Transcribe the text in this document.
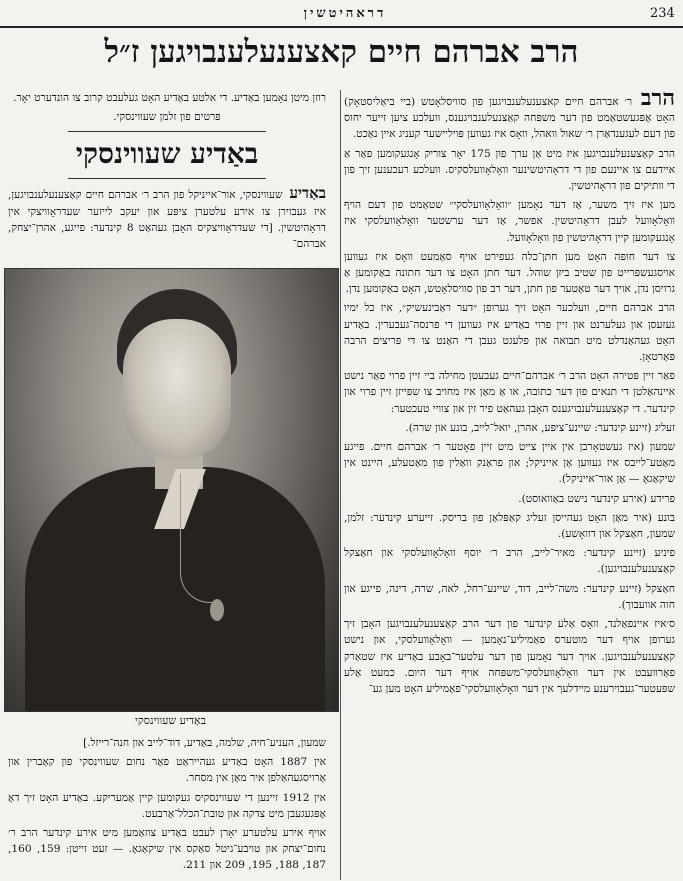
דראהיטשין	234
הרב אברהם חיים קאצענעלענבויגען ז״ל

הרב ר׳ אברהם חיים קאצענעלענבויגען פון סוויסלאָטש (ביי ביאַליסטאָק) האָט אָפּגעשטאַמט פון דער משפּחה קאַצנעלענבויגענס, וועלכע ציען זייער יחוס פון דעם לעגענדאַרן ר׳ שאול וואהל, וואָס איז געווען פּויליישער קעניג איין נאַכט.

הרב קאַצענעלענבויגען איז מיט אַן ערך פון 175 יאָר צוריק אָנגעקומען פאַר אַ איידעם צו איינעם פון די דראָהיטשינער וואָלאָוועלסקיס. וועלכע רעכענען זיך פון די וותיקים פון דראָהיטשין.

מען איז זיך משער, אַז דער נאָמען ״וואָלאָוועלסקי״ שטאַמט פון דעם הויף וואָלאָוועל לעבן דראָהיטשין. אפשר, אַז דער ערשטער וואָלאָוועלסקי איז אָנגעקומען קיין דראָהיטשין פון וואָלאָוועל.

צו דער חופּה האָט מען חתן־כלה געפירט אויף סאַמעט וואָס איז געווען אויסגעשפּרייט פון שטיב ביזן שוהל. דער חתן האָט צו דער חתונה באַקומען אַ גרויסן נדן, אויך דער טאַטער פון חתן, דער רב פון סוויסלאָטש, האָט באַקומען נדן.

הרב אברהם חיים, וועלכער האָט זיך גערופן ״דער ראַבינעשיק״, איז כל ימיו געזעסן און געלערנט און זיין פרוי באַדיע איז געווען די פרנסה־געבערין. באַדיע האָט געהאַנדלט מיט תבואה און פלעגט געבן די האַנט צו די פּריצים הרבה פּאַרטאָן.

פאַר זיין פּטירה האָט הרב ר׳ אברהם־חיים געבעטן מחילה ביי זיין פרוי פאַר נישט איינהאַלטן די תנאים פון דער כתובה, או אַ מאַן איז מחויב צו שפּייזן זיין פרוי און קינדער. די קאַצענעלענבויגענס האָבן געהאַט פיר זין און צוויי טעכטער:

זעליג (זיינע קינדער: שיינע־ציפּע, אהרן, יואל־לייב, בונע און שרה).

שמעון (איז געשטאָרבן אין איין צייט מיט זיין פאָטער ר׳ אברהם חיים. פייגע מאַטע־לייבס איז געווען אַן אייניקל; און פראַנק וואַלין פון מאַטעלע, היינט אין שיקאַגאָ — אַן אור־אייניקל).

פרידע (אירע קינדער נישט באַוואוסט).

בונע (איר מאַן האָט געהייסן זעליג קאַפּלאַן פון בריסק. זייערע קינדער: זלמן, שמעון, חאַצקל און דוואָשע).

פיניע (זיינע קינדער: מאיר־לייב, הרב ר׳ יוסף וואָלאָוועלסקי און חאַצקל קאַצענעלענבויגען).

חאַצקל (זיינע קינדער: משה־לייב, דוד, שיינע־רחל, לאה, שרה, דינה, פייגע און חוה אוועבוך).

ס׳איז איינפאַלנד, וואָס אַלע קינדער פון דער הרב קאַצענעלענבויגען האָבן זיך גערופן אויף דער מוטערס פאַמיליע־נאָמען — וואָלאָוועלסקי, און נישט קאַצענעלענבויגען. אויך דער נאָמען פון דער עלטער־באָבע באַדיע איז שטאַרק פאַרוועבט אין דער וואָלאָוועלסקי־משפּחה אויף דער היום. כמעט אַלע שפּעטער־געבוירענע מיידלעך אין דער וואָלאָוועלסקי־פאַמיליע האָט מען גע־

רוזן מיטן נאָמען באַדיע. די אלטע באַדיע האָט געלעבט קרוב צו הונדערט יאָר.

פּרטים פון זלמן שעווינסקי.

באַדיע שעווינסקי

באַדיע שעווינסקי, אור־אייניקל פון הרב ר׳ אברהם חיים קאַצענעלענבויגען, איז געבוירן צו אירע עלטערן ציפּע און יעקב לייזער שעדראָוויצקי אין דראָהיטשין. [די שעדראָוויצקיס האָבן געהאַט 8 קינדער: פייגע, אהרן־יצחק, אברהם־

באַדיע שעווינסקי

שמעון, העניע־חיה, שלמה, באַדיע, דוד־לייב און חנה־רייזל.]

אין 1887 האָט באַדיע געהייראַט פאַר נחום שעווינסקי פון קאַברין און אַרויסגעהאַלפן איר מאַן אין מסחר.

אין 1912 זיינען די שעווינסקיס געקומען קיין אַמעריקע. באַדיע האָט זיך דאָ אָפּגעגעבן מיט צדקה און טובת־הכלל־אַרבעט.

אויף אירע עלטערע יאָרן לעבט באַדיע צוזאַמען מיט אירע קינדער הרב ר׳ נחום־יצחק און טויבע־גיטל סאַקס אין שיקאַגאָ. — זעט זייטן: 159, 160, 187, 188, 195, 209 און 211.
